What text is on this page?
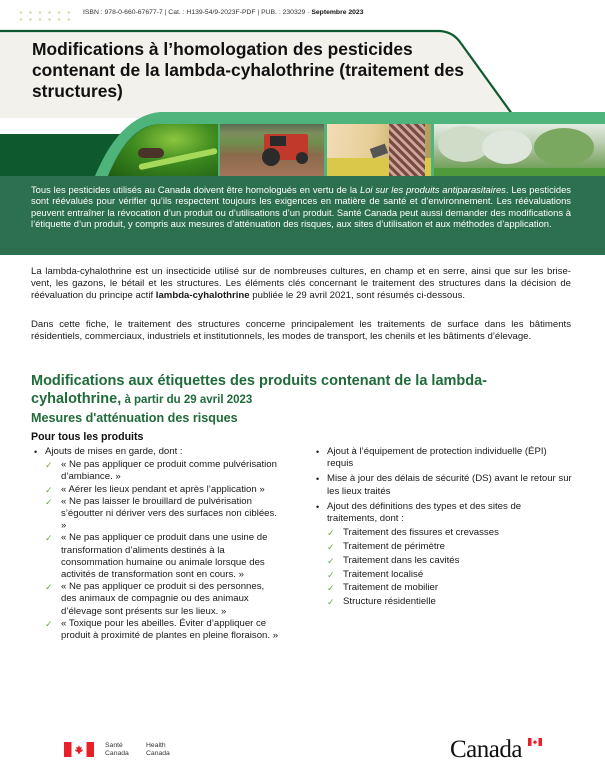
ISBN : 978-0-660-67677-7 | Cat. : H139-54/9-2023F-PDF | PUB. : 230329 · Septembre 2023
Modifications à l’homologation des pesticides contenant de la lambda-cyhalothrine (traitement des structures)

Tous les pesticides utilisés au Canada doivent être homologués en vertu de la Loi sur les produits antiparasitaires. Les pesticides sont réévalués pour vérifier qu’ils respectent toujours les exigences en matière de santé et d’environnement. Les réévaluations peuvent entraîner la révocation d’un produit ou d’utilisations d’un produit. Santé Canada peut aussi demander des modifications à l’étiquette d’un produit, y compris aux mesures d’atténuation des risques, aux sites d’utilisation et aux méthodes d’application.

La lambda-cyhalothrine est un insecticide utilisé sur de nombreuses cultures, en champ et en serre, ainsi que sur les brise-vent, les gazons, le bétail et les structures. Les éléments clés concernant le traitement des structures dans la décision de réévaluation du principe actif lambda-cyhalothrine publiée le 29 avril 2021, sont résumés ci-dessous.

Dans cette fiche, le traitement des structures concerne principalement les traitements de surface dans les bâtiments résidentiels, commerciaux, industriels et institutionnels, les modes de transport, les chenils et les bâtiments d’élevage.

Modifications aux étiquettes des produits contenant de la lambda-cyhalothrine, à partir du 29 avril 2023
Mesures d'atténuation des risques
Pour tous les produits
• Ajouts de mises en garde, dont :
✓ « Ne pas appliquer ce produit comme pulvérisation d’ambiance. »
✓ « Aérer les lieux pendant et après l’application »
✓ « Ne pas laisser le brouillard de pulvérisation s’égoutter ni dériver vers des surfaces non ciblées. »
✓ « Ne pas appliquer ce produit dans une usine de transformation d’aliments destinés à la consommation humaine ou animale lorsque des activités de transformation sont en cours. »
✓ « Ne pas appliquer ce produit si des personnes, des animaux de compagnie ou des animaux d’élevage sont présents sur les lieux. »
✓ « Toxique pour les abeilles. Éviter d’appliquer ce produit à proximité de plantes en pleine floraison. »
• Ajout à l’équipement de protection individuelle (ÉPI) requis
• Mise à jour des délais de sécurité (DS) avant le retour sur les lieux traités
• Ajout des définitions des types et des sites de traitements, dont :
✓ Traitement des fissures et crevasses
✓ Traitement de périmètre
✓ Traitement dans les cavités
✓ Traitement localisé
✓ Traitement de mobilier
✓ Structure résidentielle
Santé
Canada
Health
Canada	Canada
